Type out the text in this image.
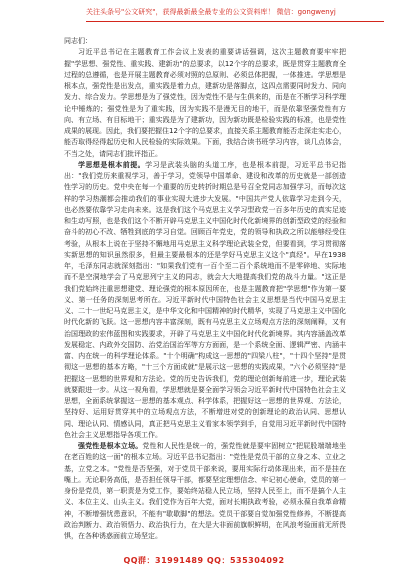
关注头条号"公文研究"，获得最新最全最专业的公文资料库！ 微信：gongwenyj

同志们：

习近平总书记在主题教育工作会议上发表的重要讲话强调，这次主题教育要牢牢把握"学思想、强党性、重实践、建新功"的总要求，以12个字的总要求，既是贯穿主题教育全过程的总遵循，也是开展主题教育必须对照的总原则、必须总体把握，一体推进。学思想是根本点，强党性是出发点，重实践是着力点，建新功是落脚点，这四点需要同时发力、同向发力、综合发力。学思想是为了强党性，因为党性不是与生俱来的，而是在不断学习科学理论中锤炼的；强党性是为了重实践，因为实践不是漫无目的地干，而是依靠坚强党性有方向、有立场、有目标地干；重实践是为了建新功，因为新功既是检验实践的标准，也是党性成果的展现。因此，我们要把握住12个字的总要求，直接关系主题教育能否走深走实走心，能否取得经得起历史和人民检验的实际效果。下面，我结合读书班学习内容，谈几点体会，不当之处，请同志们批评指正。

学思想是根本前提。学习是武装头脑的头道工序，也是根本前提，习近平总书记指出："我们党历来重视学习，善于学习，党领导中国革命、建设和改革的历史就是一部创造性学习的历史。党中央在每一个重要的历史转折时期总是号召全党同志加强学习，而每次这样的学习热潮都会推动我们的事业实现大进步大发展。"中国共产党人依靠学习走到今天，也必然要依靠学习走向未来。这是我们这个马克思主义学习型政党一百多年历史的真实足迹和生动写照，也是我们这个不断开辟马克思主义中国化时代化新境界的创新型政党的经验和奋斗的初心不改、牺牲到底的学习自觉。回顾百年党史，党的领导和执政之所以能够经受住考验，从根本上说在于坚持不懈地用马克思主义科学理论武装全党，但要看到，学习贯彻落实新思想的知识虽然很多，但最主要最根本的还是学好马克思主义这个"真经"。早在1938年，毛泽东同志就深刻指出："如果我们党有一百个至二百个系统地而不是零碎地、实际地而不是空洞地学会了马克思列宁主义的同志，就会大大地提高我们党的战斗力量。"这正是我们党始终注重思想建党、理论强党的根本原因所在，也是主题教育把"学思想"作为第一要义、第一任务的深刻思考所在。习近平新时代中国特色社会主义思想是当代中国马克思主义、二十一世纪马克思主义，是中华文化和中国精神的时代精华，实现了马克思主义中国化时代化新的飞跃。这一思想内容丰富深刻，既有马克思主义立场观点方法的深刻阐释，又有治国理政的宏伟蓝图和实践要求，开辟了马克思主义中国化时代化新境界。其内容涵盖改革发展稳定、内政外交国防、治党治国治军等方方面面，是一个系统全面、逻辑严密、内涵丰富、内在统一的科学理论体系。"十个明确"构成这一思想的"四梁八柱"，"十四个坚持"是贯彻这一思想的基本方略，"十三个方面成就"是展示这一思想的实践成果，"六个必须坚持"是把握这一思想的世界观和方法论。党的历史告诉我们，党的理论创新每前进一步，理论武装就要跟进一步。从这一视角看，学思想就是要全面学习领会习近平新时代中国特色社会主义思想，全面系统掌握这一思想的基本观点、科学体系，把握好这一思想的世界观、方法论，坚持好、运用好贯穿其中的立场观点方法，不断增进对党的创新理论的政治认同、思想认同、理论认同、情感认同，真正把马克思主义看家本领学到手，自觉用习近平新时代中国特色社会主义思想指导各项工作。

强党性是根本立场。党性和人民性是统一的，强党性就是要牢固树立"把屁股端端地坐在老百姓的这一面"的根本立场。习近平总书记指出："党性是党员干部的立身之本、立业之基，立党之本。"党性是否坚强，对于党员干部来说，要用实际行动体现出来，而不是挂在嘴上。无论职务高低，是否担任领导干部，都要坚定理想信念、牢记初心使命，党员的第一身份是党员，第一职责是为党工作，要始终站稳人民立场，坚持人民至上，而不是搞个人主义、本位主义、山头主义。我们党作为百年大党，面对长期执政考验，必须永葆自我革命精神，不断增强忧患意识，不能有"歇歇脚"的想法。党员干部要自觉加强党性修养，不断提高政治判断力、政治领悟力、政治执行力，在大是大非面前旗帜鲜明，在风浪考验面前无所畏惧，在各种诱惑面前立场坚定。

QQ群：31991489 QQ：535304092
